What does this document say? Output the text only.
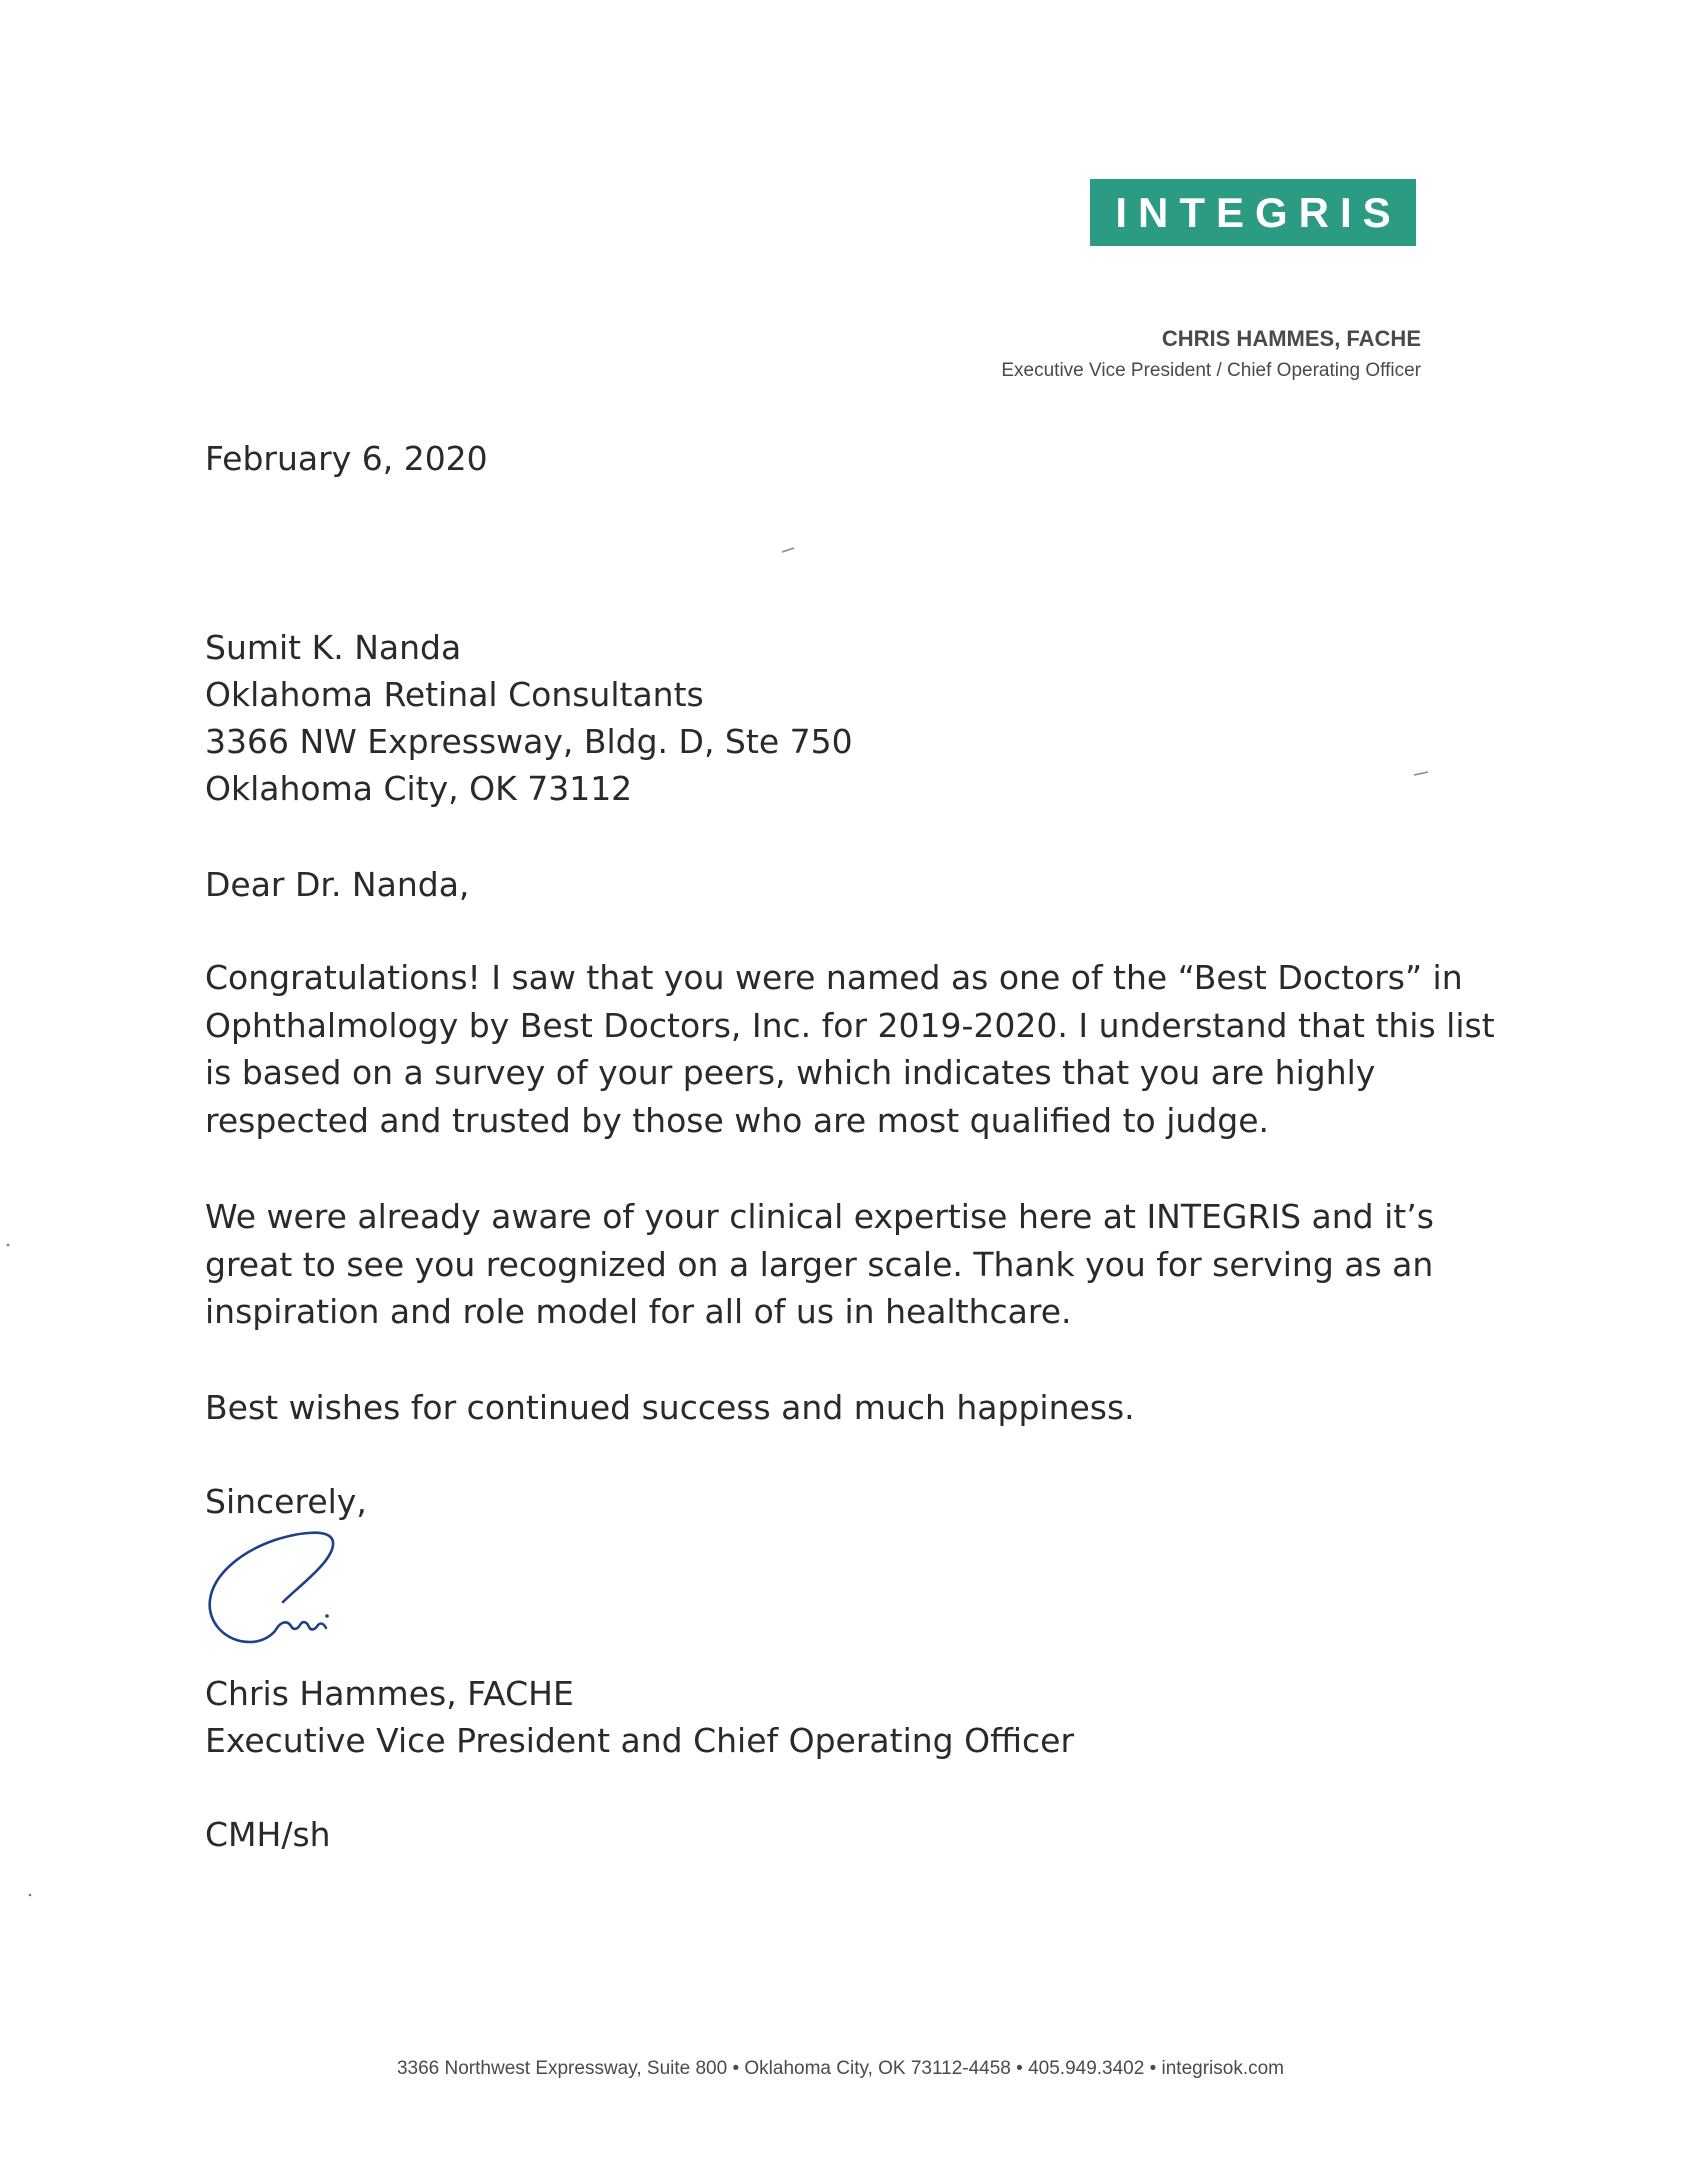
INTEGRIS
CHRIS HAMMES, FACHE
Executive Vice President / Chief Operating Officer
February 6, 2020
Sumit K. Nanda
Oklahoma Retinal Consultants
3366 NW Expressway, Bldg. D, Ste 750
Oklahoma City, OK 73112
Dear Dr. Nanda,
Congratulations! I saw that you were named as one of the “Best Doctors” in
Ophthalmology by Best Doctors, Inc. for 2019-2020. I understand that this list
is based on a survey of your peers, which indicates that you are highly
respected and trusted by those who are most qualified to judge.
We were already aware of your clinical expertise here at INTEGRIS and it’s
great to see you recognized on a larger scale. Thank you for serving as an
inspiration and role model for all of us in healthcare.
Best wishes for continued success and much happiness.
Sincerely,
Chris Hammes, FACHE
Executive Vice President and Chief Operating Officer
CMH/sh
3366 Northwest Expressway, Suite 800 • Oklahoma City, OK 73112-4458 • 405.949.3402 • integrisok.com
